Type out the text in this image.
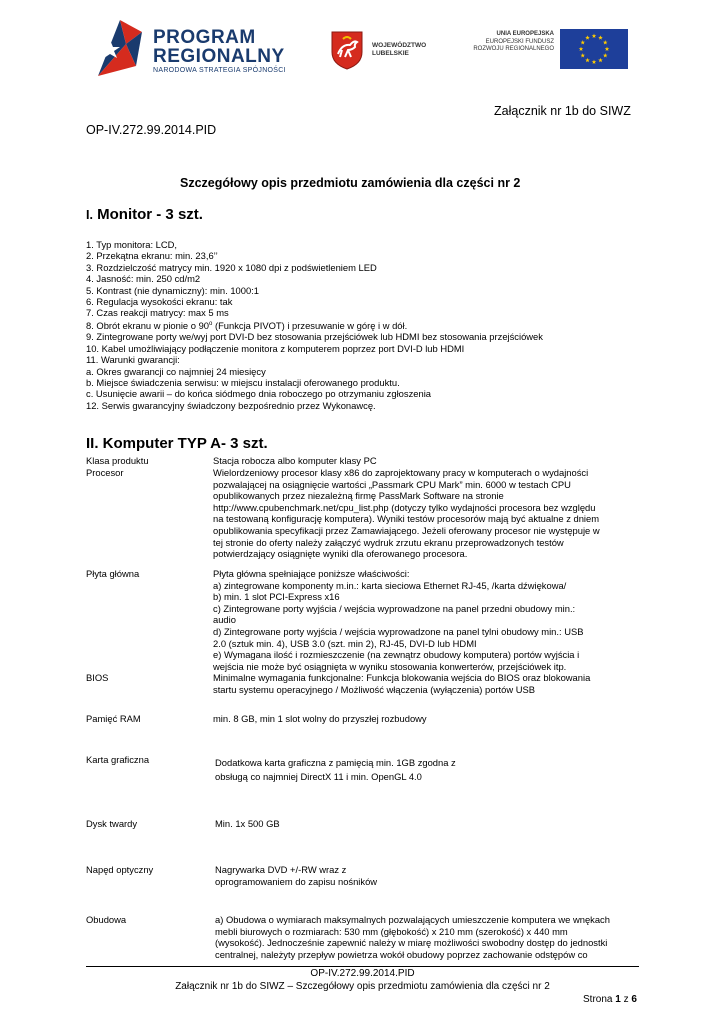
PROGRAM
REGIONALNY
NARODOWA STRATEGIA SPÓJNOŚCI
WOJEWÓDZTWO
LUBELSKIE
UNIA EUROPEJSKA
EUROPEJSKI FUNDUSZ
ROZWOJU REGIONALNEGO
Załącznik nr 1b do SIWZ
OP-IV.272.99.2014.PID
Szczegółowy opis przedmiotu zamówienia dla części nr 2
I. Monitor - 3 szt.
1. Typ monitora: LCD,
2. Przekątna ekranu: min. 23,6’’
3. Rozdzielczość matrycy min. 1920 x 1080 dpi z podświetleniem LED
4. Jasność: min. 250 cd/m2
5. Kontrast (nie dynamiczny): min. 1000:1
6. Regulacja wysokości ekranu: tak
7. Czas reakcji matrycy: max 5 ms
8. Obrót ekranu w pionie o 90$^o$ (Funkcja PIVOT) i przesuwanie w górę i w dół.
9. Zintegrowane porty we/wyj port DVI-D bez stosowania przejściówek lub HDMI bez stosowania przejściówek
10. Kabel umożliwiający podłączenie monitora z komputerem poprzez port DVI-D lub HDMI
11. Warunki gwarancji:
a. Okres gwarancji co najmniej 24 miesięcy
b. Miejsce świadczenia serwisu: w miejscu instalacji oferowanego produktu.
c. Usunięcie awarii – do końca siódmego dnia roboczego po otrzymaniu zgłoszenia
12. Serwis gwarancyjny świadczony bezpośrednio przez Wykonawcę.
II. Komputer TYP A- 3 szt.
Klasa produktu	Stacja robocza albo komputer klasy PC
Procesor	Wielordzeniowy procesor klasy x86 do zaprojektowany pracy w komputerach o wydajności
pozwalającej na osiągnięcie wartości „Passmark CPU Mark” min. 6000 w testach CPU
opublikowanych przez niezależną firmę PassMark Software na stronie
http://www.cpubenchmark.net/cpu_list.php (dotyczy tylko wydajności procesora bez względu
na testowaną konfigurację komputera). Wyniki testów procesorów mają być aktualne z dniem
opublikowania specyfikacji przez Zamawiającego. Jeżeli oferowany procesor nie występuje w
tej stronie do oferty należy załączyć wydruk zrzutu ekranu przeprowadzonych testów
potwierdzający osiągnięte wyniki dla oferowanego procesora.
Płyta główna	Płyta główna spełniające poniższe właściwości:
a) zintegrowane komponenty m.in.: karta sieciowa Ethernet RJ-45, /karta dźwiękowa/
b) min. 1 slot PCI-Express x16
c) Zintegrowane porty wyjścia / wejścia wyprowadzone na panel przedni obudowy min.:
audio
d) Zintegrowane porty wyjścia / wejścia wyprowadzone na panel tylni obudowy min.: USB
2.0 (sztuk min. 4), USB 3.0 (szt. min 2), RJ-45, DVI-D lub HDMI
e) Wymagana ilość i rozmieszczenie (na zewnątrz obudowy komputera) portów wyjścia i
wejścia nie może być osiągnięta w wyniku stosowania konwerterów, przejściówek itp.
BIOS	Minimalne wymagania funkcjonalne: Funkcja blokowania wejścia do BIOS oraz blokowania
startu systemu operacyjnego / Możliwość włączenia (wyłączenia) portów USB
Pamięć RAM	min. 8 GB, min 1 slot wolny do przyszłej rozbudowy
Karta graficzna	Dodatkowa karta graficzna z pamięcią min. 1GB zgodna z
obsługą co najmniej DirectX 11 i min. OpenGL 4.0
Dysk twardy	Min. 1x 500 GB
Napęd optyczny	Nagrywarka DVD +/-RW wraz z
oprogramowaniem do zapisu nośników
Obudowa	a) Obudowa o wymiarach maksymalnych pozwalających umieszczenie komputera we wnękach
mebli biurowych o rozmiarach: 530 mm (głębokość) x 210 mm (szerokość) x 440 mm
(wysokość). Jednocześnie zapewnić należy w miarę możliwości swobodny dostęp do jednostki
centralnej, należyty przepływ powietrza wokół obudowy poprzez zachowanie odstępów co
OP-IV.272.99.2014.PID
Załącznik nr 1b do SIWZ – Szczegółowy opis przedmiotu zamówienia dla części nr 2
Strona 1 z 6
